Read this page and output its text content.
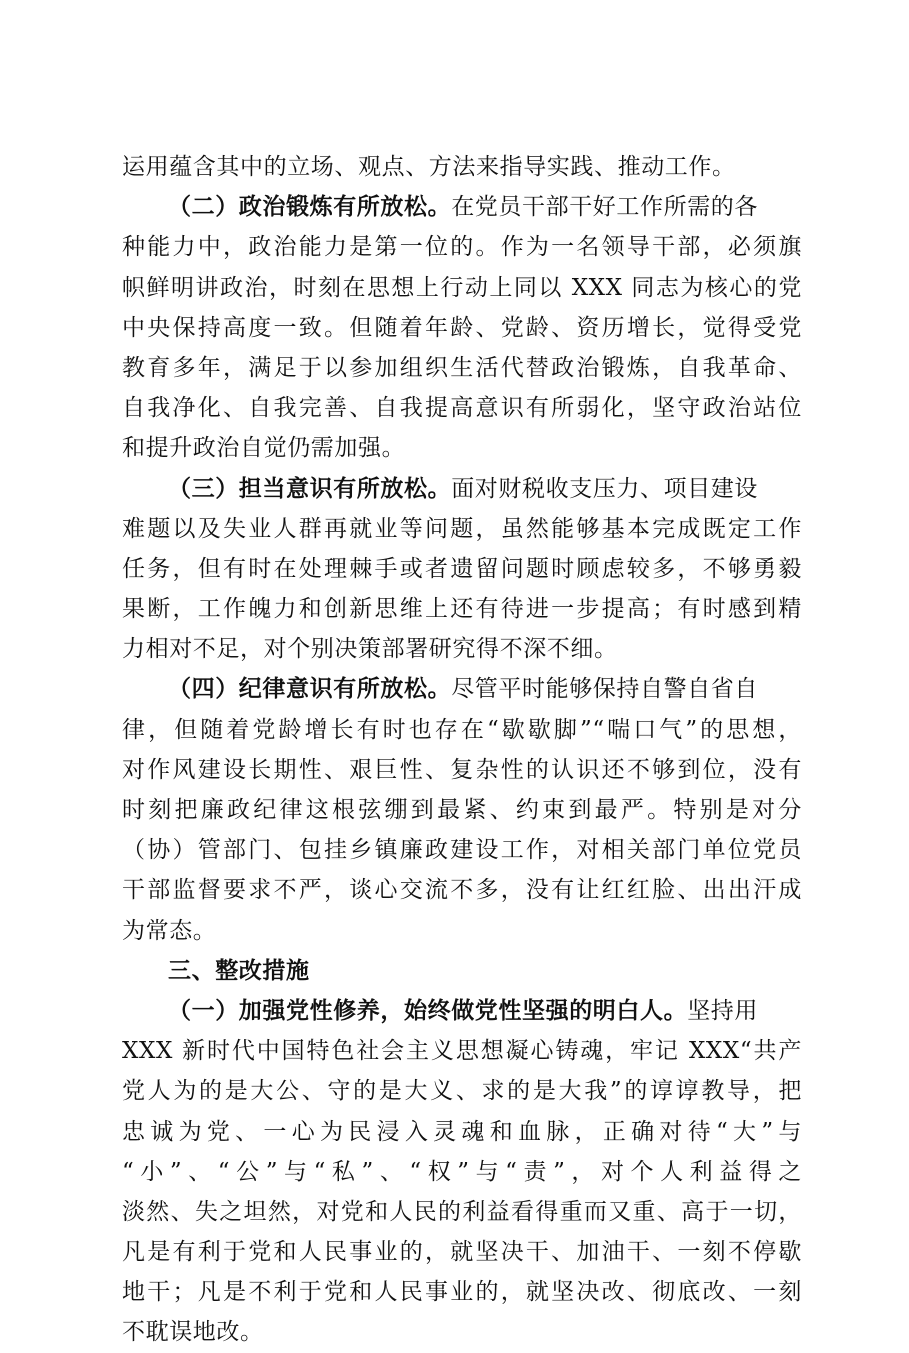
运用蕴含其中的立场、观点、方法来指导实践、推动工作。
（二）政治锻炼有所放松。在党员干部干好工作所需的各
种能力中，政治能力是第一位的。作为一名领导干部，必须旗
帜鲜明讲政治，时刻在思想上行动上同以 XXX 同志为核心的党
中央保持高度一致。但随着年龄、党龄、资历增长，觉得受党
教育多年，满足于以参加组织生活代替政治锻炼，自我革命、
自我净化、自我完善、自我提高意识有所弱化，坚守政治站位
和提升政治自觉仍需加强。
（三）担当意识有所放松。面对财税收支压力、项目建设
难题以及失业人群再就业等问题，虽然能够基本完成既定工作
任务，但有时在处理棘手或者遗留问题时顾虑较多，不够勇毅
果断，工作魄力和创新思维上还有待进一步提高；有时感到精
力相对不足，对个别决策部署研究得不深不细。
（四）纪律意识有所放松。尽管平时能够保持自警自省自
律，但随着党龄增长有时也存在“歇歇脚”“喘口气”的思想，
对作风建设长期性、艰巨性、复杂性的认识还不够到位，没有
时刻把廉政纪律这根弦绷到最紧、约束到最严。特别是对分
（协）管部门、包挂乡镇廉政建设工作，对相关部门单位党员
干部监督要求不严，谈心交流不多，没有让红红脸、出出汗成
为常态。
三、整改措施
（一）加强党性修养，始终做党性坚强的明白人。坚持用
XXX 新时代中国特色社会主义思想凝心铸魂，牢记 XXX“共产
党人为的是大公、守的是大义、求的是大我”的谆谆教导，把
忠诚为党、一心为民浸入灵魂和血脉，正确对待“大”与
“小”、“公”与“私”、“权”与“责”，对个人利益得之
淡然、失之坦然，对党和人民的利益看得重而又重、高于一切，
凡是有利于党和人民事业的，就坚决干、加油干、一刻不停歇
地干；凡是不利于党和人民事业的，就坚决改、彻底改、一刻
不耽误地改。
